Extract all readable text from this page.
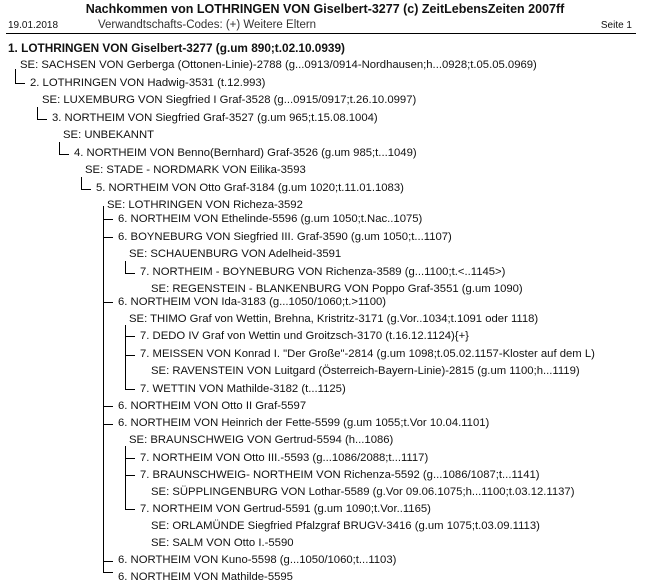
Nachkommen von LOTHRINGEN VON Giselbert-3277 (c) ZeitLebensZeiten 2007ff
19.01.2018	Verwandtschafts-Codes: (+) Weitere Eltern	Seite 1
1. LOTHRINGEN VON Giselbert-3277 (g.um 890;t.02.10.0939)
SE: SACHSEN VON Gerberga (Ottonen-Linie)-2788 (g...0913/0914-Nordhausen;h...0928;t.05.05.0969)
2. LOTHRINGEN VON Hadwig-3531 (t.12.993)
SE: LUXEMBURG VON Siegfried I Graf-3528 (g...0915/0917;t.26.10.0997)
3. NORTHEIM VON Siegfried Graf-3527 (g.um 965;t.15.08.1004)
SE: UNBEKANNT
4. NORTHEIM VON Benno(Bernhard) Graf-3526 (g.um 985;t...1049)
SE: STADE - NORDMARK VON Eilika-3593
5. NORTHEIM VON Otto Graf-3184 (g.um 1020;t.11.01.1083)
SE: LOTHRINGEN VON Richeza-3592
6. NORTHEIM VON Ethelinde-5596 (g.um 1050;t.Nac..1075)
6. BOYNEBURG VON Siegfried III. Graf-3590 (g.um 1050;t...1107)
SE: SCHAUENBURG VON Adelheid-3591
7. NORTHEIM - BOYNEBURG VON Richenza-3589 (g...1100;t.<..1145>)
SE: REGENSTEIN - BLANKENBURG VON Poppo Graf-3551 (g.um 1090)
6. NORTHEIM VON Ida-3183 (g...1050/1060;t.>1100)
SE: THIMO Graf von Wettin, Brehna, Kristritz-3171 (g.Vor..1034;t.1091 oder 1118)
7. DEDO IV Graf von Wettin und Groitzsch-3170 (t.16.12.1124){+}
7. MEISSEN VON Konrad I. "Der Große"-2814 (g.um 1098;t.05.02.1157-Kloster auf dem L)
SE: RAVENSTEIN VON Luitgard (Österreich-Bayern-Linie)-2815 (g.um 1100;h...1119)
7. WETTIN VON Mathilde-3182 (t...1125)
6. NORTHEIM VON Otto II Graf-5597
6. NORTHEIM VON Heinrich der Fette-5599 (g.um 1055;t.Vor 10.04.1101)
SE: BRAUNSCHWEIG VON Gertrud-5594 (h...1086)
7. NORTHEIM VON Otto III.-5593 (g...1086/2088;t...1117)
7. BRAUNSCHWEIG- NORTHEIM VON Richenza-5592 (g...1086/1087;t...1141)
SE: SÜPPLINGENBURG VON Lothar-5589 (g.Vor 09.06.1075;h...1100;t.03.12.1137)
7. NORTHEIM VON Gertrud-5591 (g.um 1090;t.Vor..1165)
SE: ORLAMÜNDE Siegfried Pfalzgraf BRUGV-3416 (g.um 1075;t.03.09.1113)
SE: SALM VON Otto I.-5590
6. NORTHEIM VON Kuno-5598 (g...1050/1060;t...1103)
6. NORTHEIM VON Mathilde-5595
